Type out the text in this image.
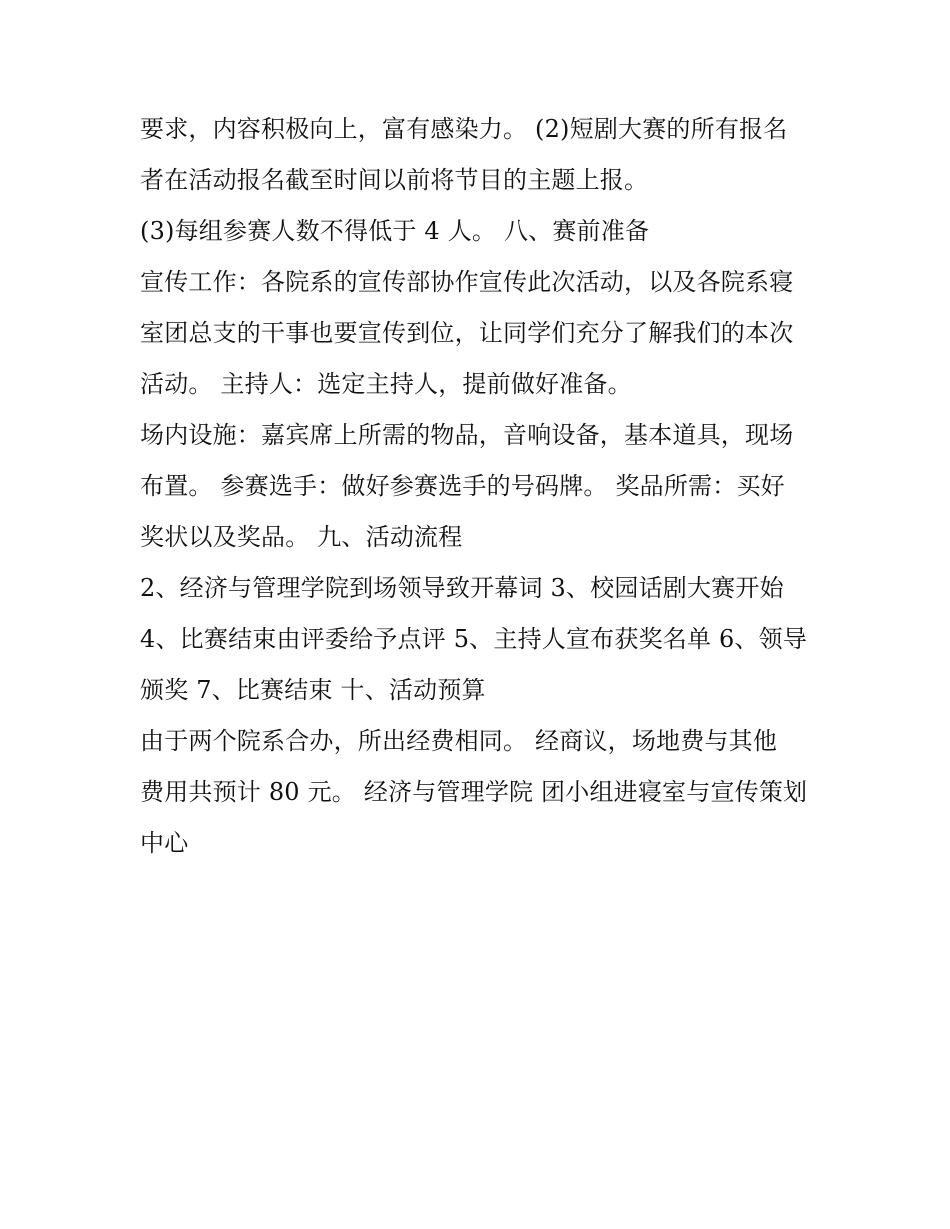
要求，内容积极向上，富有感染力。 (2)短剧大赛的所有报名
者在活动报名截至时间以前将节目的主题上报。
(3)每组参赛人数不得低于 4 人。 八、赛前准备
宣传工作：各院系的宣传部协作宣传此次活动，以及各院系寝
室团总支的干事也要宣传到位，让同学们充分了解我们的本次
活动。 主持人：选定主持人，提前做好准备。
场内设施：嘉宾席上所需的物品，音响设备，基本道具，现场
布置。 参赛选手：做好参赛选手的号码牌。 奖品所需：买好
奖状以及奖品。 九、活动流程
2、经济与管理学院到场领导致开幕词 3、校园话剧大赛开始
4、比赛结束由评委给予点评 5、主持人宣布获奖名单 6、领导
颁奖 7、比赛结束 十、活动预算
由于两个院系合办，所出经费相同。 经商议，场地费与其他
费用共预计 80 元。 经济与管理学院 团小组进寝室与宣传策划
中心
